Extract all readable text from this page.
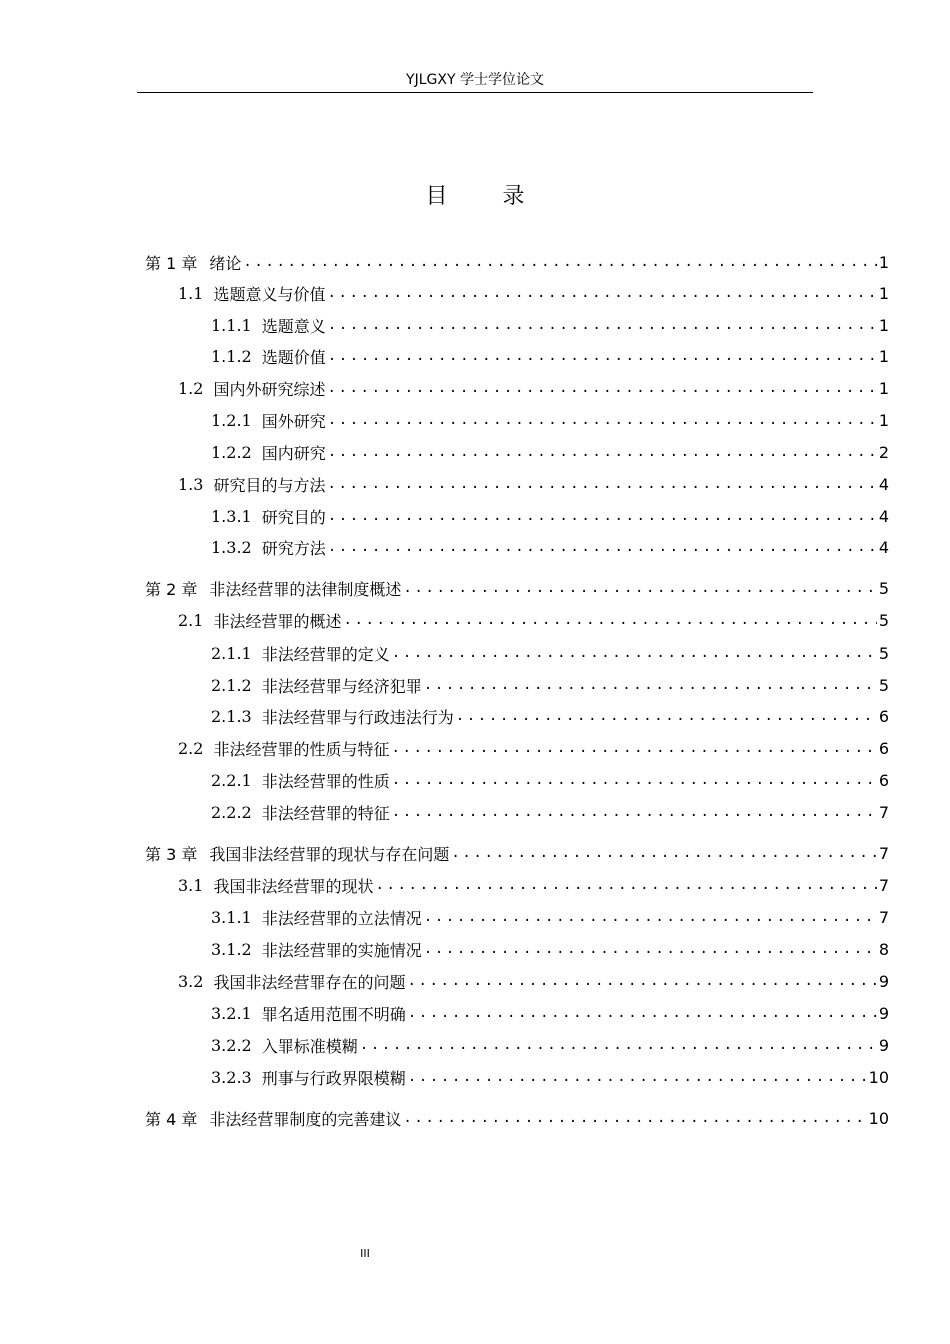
YJLGXY 学士学位论文
目 录
第 1 章 绪论 .....	1
1.1 选题意义与价值 .....	1
1.1.1 选题意义 .....	1
1.1.2 选题价值 .....	1
1.2 国内外研究综述 .....	1
1.2.1 国外研究 .....	1
1.2.2 国内研究 .....	2
1.3 研究目的与方法 .....	4
1.3.1 研究目的 .....	4
1.3.2 研究方法 .....	4
第 2 章 非法经营罪的法律制度概述 .....	5
2.1 非法经营罪的概述 .....	5
2.1.1 非法经营罪的定义 .....	5
2.1.2 非法经营罪与经济犯罪 .....	5
2.1.3 非法经营罪与行政违法行为 .....	6
2.2 非法经营罪的性质与特征 .....	6
2.2.1 非法经营罪的性质 .....	6
2.2.2 非法经营罪的特征 .....	7
第 3 章 我国非法经营罪的现状与存在问题 .....	7
3.1 我国非法经营罪的现状 .....	7
3.1.1 非法经营罪的立法情况 .....	7
3.1.2 非法经营罪的实施情况 .....	8
3.2 我国非法经营罪存在的问题 .....	9
3.2.1 罪名适用范围不明确 .....	9
3.2.2 入罪标准模糊 .....	9
3.2.3 刑事与行政界限模糊 .....	10
第 4 章 非法经营罪制度的完善建议 .....	10
III
